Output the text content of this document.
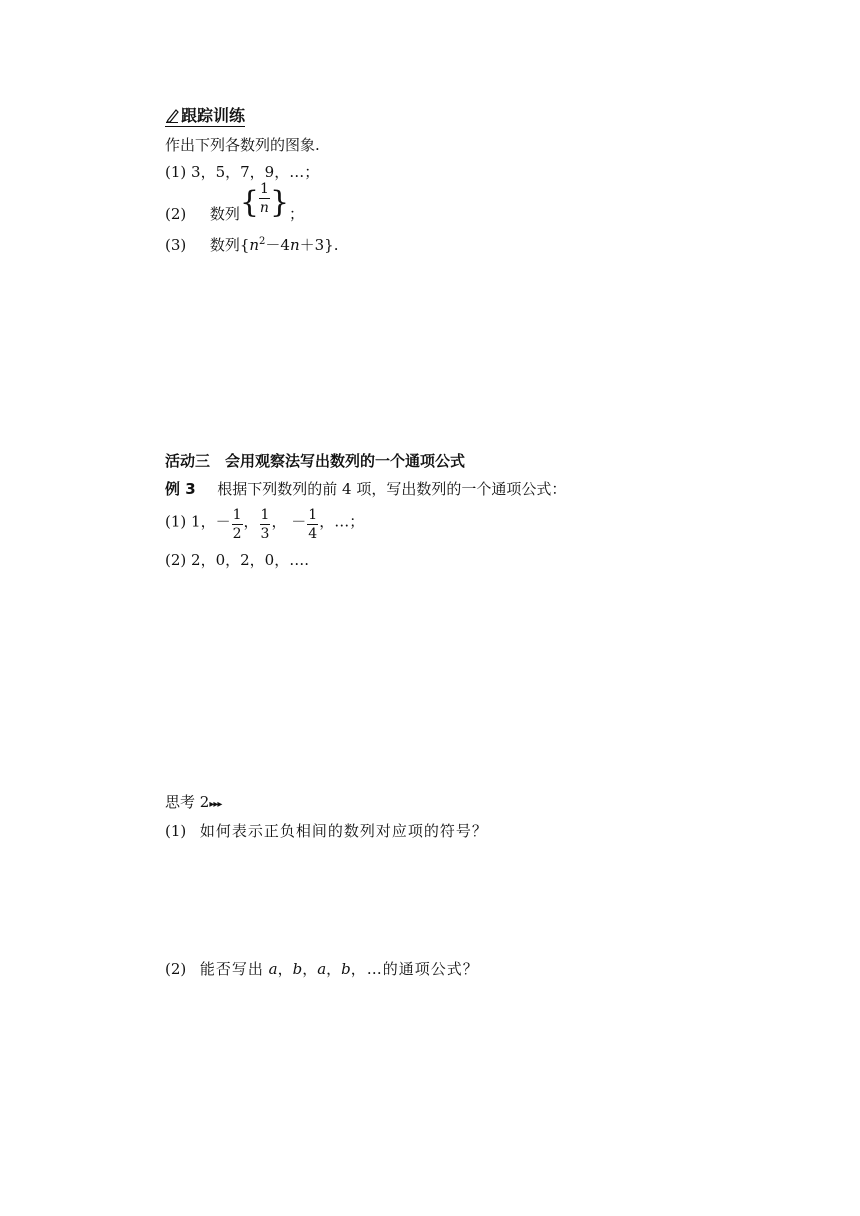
跟踪训练
作出下列各数列的图象.
(1) 3，5，7，9，…；
(2) 数列{ $\frac{1}{n}$ }；
(3) 数列$\{n^2-4n+3\}$.
活动三　会用观察法写出数列的一个通项公式
例 3 根据下列数列的前 4 项，写出数列的一个通项公式：
(1) 1，－ $\frac{1}{2}$ ， $\frac{1}{3}$ ， － $\frac{1}{4}$ ，…；
(2) 2，0，2，0，….
思考 2▸▸▸
(1) 如何表示正负相间的数列对应项的符号？
(2) 能否写出 a，b，a，b，…的通项公式？
